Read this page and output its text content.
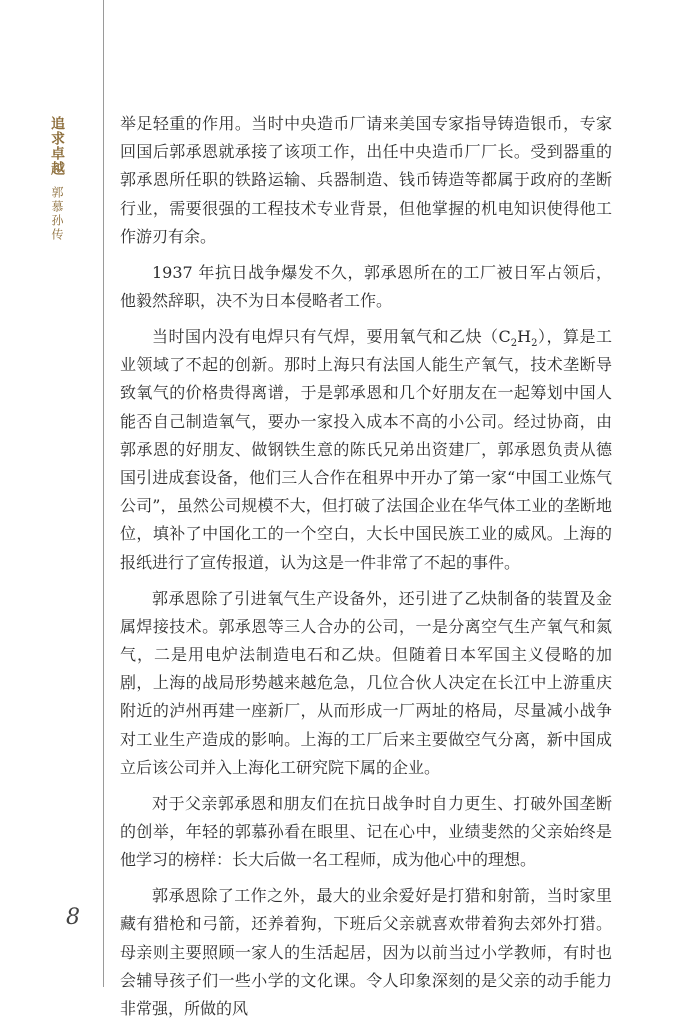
追求卓越
郭慕孙传
8

举足轻重的作用。当时中央造币厂请来美国专家指导铸造银币，专家回国后郭承恩就承接了该项工作，出任中央造币厂厂长。受到器重的郭承恩所任职的铁路运输、兵器制造、钱币铸造等都属于政府的垄断行业，需要很强的工程技术专业背景，但他掌握的机电知识使得他工作游刃有余。

1937 年抗日战争爆发不久，郭承恩所在的工厂被日军占领后，他毅然辞职，决不为日本侵略者工作。

当时国内没有电焊只有气焊，要用氧气和乙炔$(C_2H_2)$，算是工业领域了不起的创新。那时上海只有法国人能生产氧气，技术垄断导致氧气的价格贵得离谱，于是郭承恩和几个好朋友在一起筹划中国人能否自己制造氧气，要办一家投入成本不高的小公司。经过协商，由郭承恩的好朋友、做钢铁生意的陈氏兄弟出资建厂，郭承恩负责从德国引进成套设备，他们三人合作在租界中开办了第一家“中国工业炼气公司”，虽然公司规模不大，但打破了法国企业在华气体工业的垄断地位，填补了中国化工的一个空白，大长中国民族工业的威风。上海的报纸进行了宣传报道，认为这是一件非常了不起的事件。

郭承恩除了引进氧气生产设备外，还引进了乙炔制备的装置及金属焊接技术。郭承恩等三人合办的公司，一是分离空气生产氧气和氮气，二是用电炉法制造电石和乙炔。但随着日本军国主义侵略的加剧，上海的战局形势越来越危急，几位合伙人决定在长江中上游重庆附近的泸州再建一座新厂，从而形成一厂两址的格局，尽量减小战争对工业生产造成的影响。上海的工厂后来主要做空气分离，新中国成立后该公司并入上海化工研究院下属的企业。

对于父亲郭承恩和朋友们在抗日战争时自力更生、打破外国垄断的创举，年轻的郭慕孙看在眼里、记在心中，业绩斐然的父亲始终是他学习的榜样：长大后做一名工程师，成为他心中的理想。

郭承恩除了工作之外，最大的业余爱好是打猎和射箭，当时家里藏有猎枪和弓箭，还养着狗，下班后父亲就喜欢带着狗去郊外打猎。母亲则主要照顾一家人的生活起居，因为以前当过小学教师，有时也会辅导孩子们一些小学的文化课。令人印象深刻的是父亲的动手能力非常强，所做的风
